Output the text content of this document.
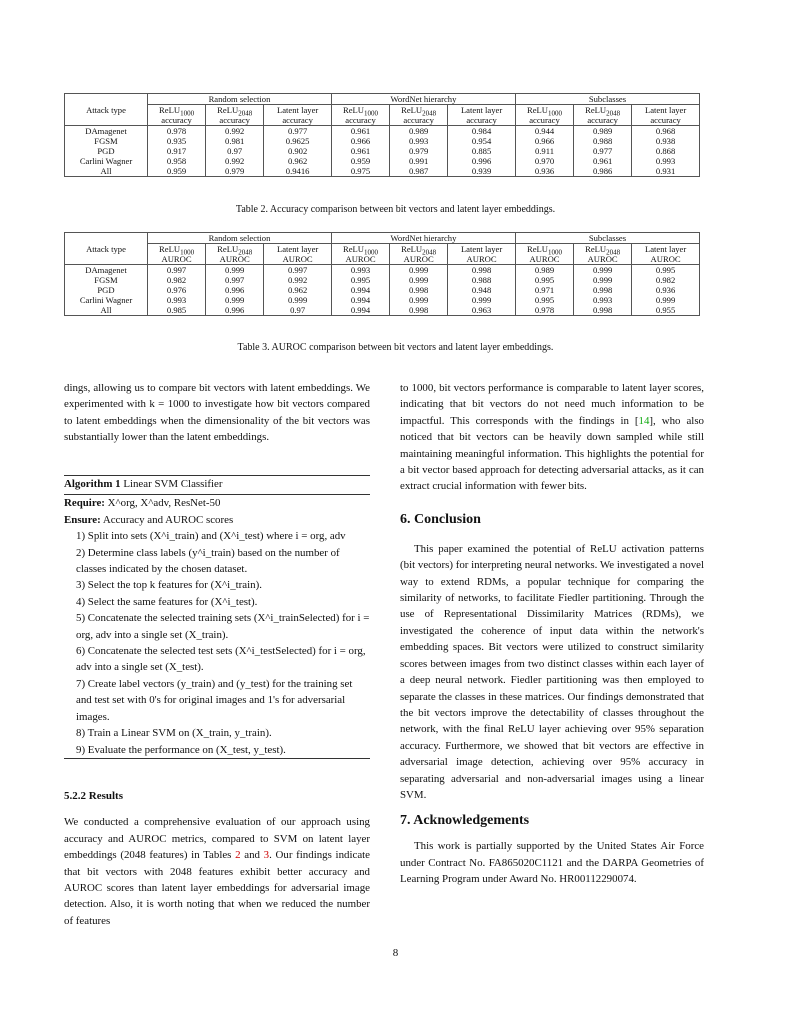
Attack type	Random selection			WordNet hierarchy			Subclasses		
	ReLU$_{1000}$	ReLU$_{2048}$	Latent layer	ReLU$_{1000}$	ReLU$_{2048}$	Latent layer	ReLU$_{1000}$	ReLU$_{2048}$	Latent layer
	accuracy	accuracy	accuracy	accuracy	accuracy	accuracy	accuracy	accuracy	accuracy
DAmagenet	0.978	0.992	0.977	0.961	0.989	0.984	0.944	0.989	0.968
FGSM	0.935	0.981	0.9625	0.966	0.993	0.954	0.966	0.988	0.938
PGD	0.917	0.97	0.902	0.961	0.979	0.885	0.911	0.977	0.868
Carlini Wagner	0.958	0.992	0.962	0.959	0.991	0.996	0.970	0.961	0.993
All	0.959	0.979	0.9416	0.975	0.987	0.939	0.936	0.986	0.931
Table 2. Accuracy comparison between bit vectors and latent layer embeddings.
Attack type	Random selection			WordNet hierarchy			Subclasses		
	ReLU$_{1000}$	ReLU$_{2048}$	Latent layer	ReLU$_{1000}$	ReLU$_{2048}$	Latent layer	ReLU$_{1000}$	ReLU$_{2048}$	Latent layer
	AUROC	AUROC	AUROC	AUROC	AUROC	AUROC	AUROC	AUROC	AUROC
DAmagenet	0.997	0.999	0.997	0.993	0.999	0.998	0.989	0.999	0.995
FGSM	0.982	0.997	0.992	0.995	0.999	0.988	0.995	0.999	0.982
PGD	0.976	0.996	0.962	0.994	0.998	0.948	0.971	0.998	0.936
Carlini Wagner	0.993	0.999	0.999	0.994	0.999	0.999	0.995	0.993	0.999
All	0.985	0.996	0.97	0.994	0.998	0.963	0.978	0.998	0.955
Table 3. AUROC comparison between bit vectors and latent layer embeddings.

dings, allowing us to compare bit vectors with latent embeddings. We experimented with k = 1000 to investigate how bit vectors compared to latent embeddings when the dimensionality of the bit vectors was substantially lower than the latent embeddings.

Algorithm 1 Linear SVM Classifier
Require: X^org, X^adv, ResNet-50
Ensure: Accuracy and AUROC scores
1) Split into sets (X^i_train) and (X^i_test) where i = org, adv
2) Determine class labels (y^i_train) based on the number of classes indicated by the chosen dataset.
3) Select the top k features for (X^i_train).
4) Select the same features for (X^i_test).
5) Concatenate the selected training sets (X^i_trainSelected) for i = org, adv into a single set (X_train).
6) Concatenate the selected test sets (X^i_testSelected) for i = org, adv into a single set (X_test).
7) Create label vectors (y_train) and (y_test) for the training set and test set with 0's for original images and 1's for adversarial images.
8) Train a Linear SVM on (X_train, y_train).
9) Evaluate the performance on (X_test, y_test).

5.2.2 Results

We conducted a comprehensive evaluation of our approach using accuracy and AUROC metrics, compared to SVM on latent layer embeddings (2048 features) in Tables 2 and 3. Our findings indicate that bit vectors with 2048 features exhibit better accuracy and AUROC scores than latent layer embeddings for adversarial image detection. Also, it is worth noting that when we reduced the number of features

to 1000, bit vectors performance is comparable to latent layer scores, indicating that bit vectors do not need much information to be impactful. This corresponds with the findings in [14], who also noticed that bit vectors can be heavily down sampled while still maintaining meaningful information. This highlights the potential for a bit vector based approach for detecting adversarial attacks, as it can extract crucial information with fewer bits.

6. Conclusion

This paper examined the potential of ReLU activation patterns (bit vectors) for interpreting neural networks. We investigated a novel way to extend RDMs, a popular technique for comparing the similarity of networks, to facilitate Fiedler partitioning. Through the use of Representational Dissimilarity Matrices (RDMs), we investigated the coherence of input data within the network's embedding spaces. Bit vectors were utilized to construct similarity scores between images from two distinct classes within each layer of a deep neural network. Fiedler partitioning was then employed to separate the classes in these matrices. Our findings demonstrated that the bit vectors improve the detectability of classes throughout the network, with the final ReLU layer achieving over 95% separation accuracy. Furthermore, we showed that bit vectors are effective in adversarial image detection, achieving over 95% accuracy in separating adversarial and non-adversarial images using a linear SVM.

7. Acknowledgements

This work is partially supported by the United States Air Force under Contract No. FA865020C1121 and the DARPA Geometries of Learning Program under Award No. HR00112290074.

8
